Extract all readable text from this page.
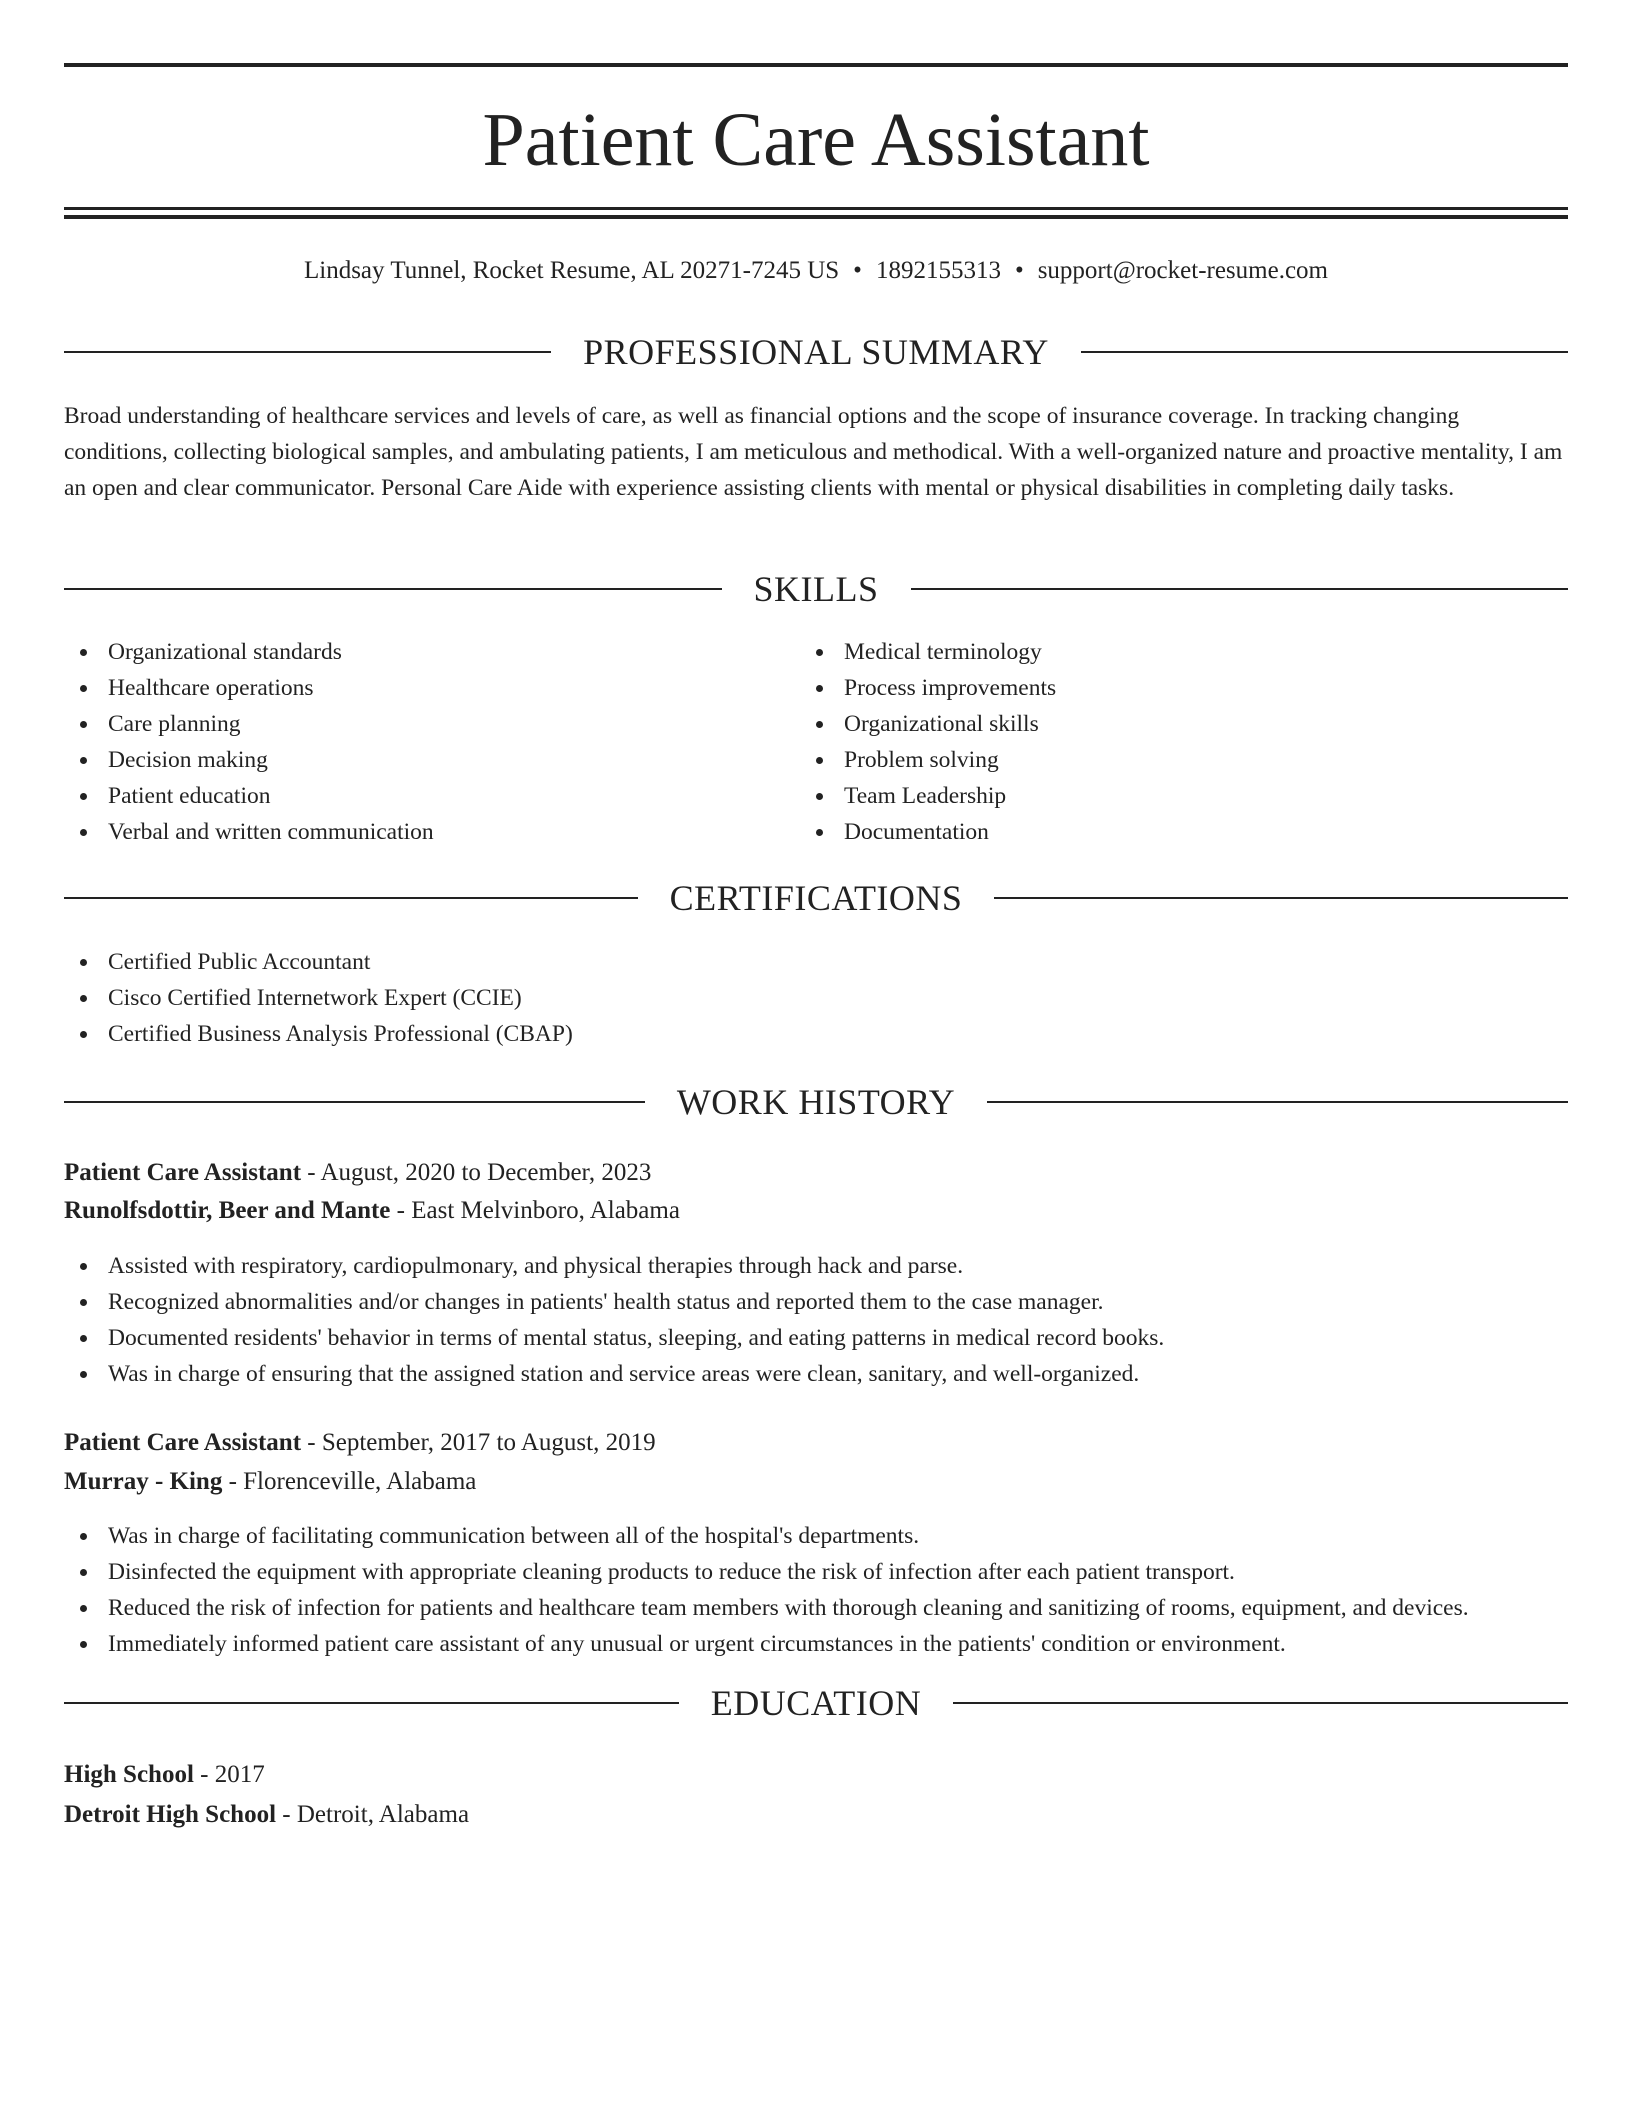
Patient Care Assistant
Lindsay Tunnel, Rocket Resume, AL 20271-7245 US • 1892155313 • support@rocket-resume.com
PROFESSIONAL SUMMARY

Broad understanding of healthcare services and levels of care, as well as financial options and the scope of insurance coverage. In tracking changing conditions, collecting biological samples, and ambulating patients, I am meticulous and methodical. With a well-organized nature and proactive mentality, I am an open and clear communicator. Personal Care Aide with experience assisting clients with mental or physical disabilities in completing daily tasks.

SKILLS
Organizational standards
Healthcare operations
Care planning
Decision making
Patient education
Verbal and written communication
Medical terminology
Process improvements
Organizational skills
Problem solving
Team Leadership
Documentation
CERTIFICATIONS
Certified Public Accountant
Cisco Certified Internetwork Expert (CCIE)
Certified Business Analysis Professional (CBAP)
WORK HISTORY
Patient Care Assistant - August, 2020 to December, 2023
Runolfsdottir, Beer and Mante - East Melvinboro, Alabama
Assisted with respiratory, cardiopulmonary, and physical therapies through hack and parse.
Recognized abnormalities and/or changes in patients' health status and reported them to the case manager.
Documented residents' behavior in terms of mental status, sleeping, and eating patterns in medical record books.
Was in charge of ensuring that the assigned station and service areas were clean, sanitary, and well-organized.
Patient Care Assistant - September, 2017 to August, 2019
Murray - King - Florenceville, Alabama
Was in charge of facilitating communication between all of the hospital's departments.
Disinfected the equipment with appropriate cleaning products to reduce the risk of infection after each patient transport.
Reduced the risk of infection for patients and healthcare team members with thorough cleaning and sanitizing of rooms, equipment, and devices.
Immediately informed patient care assistant of any unusual or urgent circumstances in the patients' condition or environment.
EDUCATION
High School - 2017
Detroit High School - Detroit, Alabama
